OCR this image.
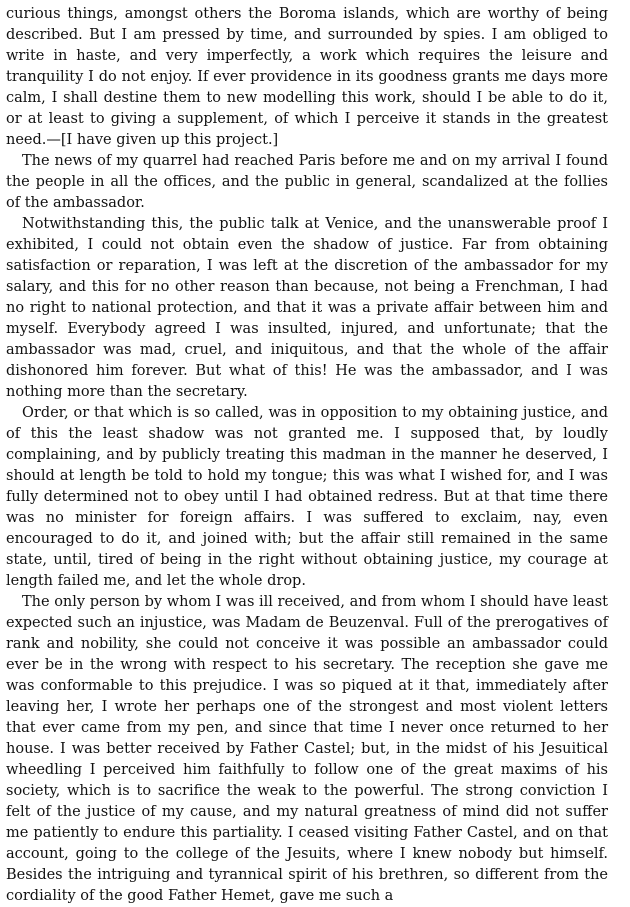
curious things, amongst others the Boroma islands, which are worthy of being described. But I am pressed by time, and surrounded by spies. I am obliged to write in haste, and very imperfectly, a work which requires the leisure and tranquility I do not enjoy. If ever providence in its goodness grants me days more calm, I shall destine them to new modelling this work, should I be able to do it, or at least to giving a supplement, of which I perceive it stands in the greatest need.—[I have given up this project.]

The news of my quarrel had reached Paris before me and on my arrival I found the people in all the offices, and the public in general, scandalized at the follies of the ambassador.

Notwithstanding this, the public talk at Venice, and the unanswerable proof I exhibited, I could not obtain even the shadow of justice. Far from obtaining satisfaction or reparation, I was left at the discretion of the ambassador for my salary, and this for no other reason than because, not being a Frenchman, I had no right to national protection, and that it was a private affair between him and myself. Everybody agreed I was insulted, injured, and unfortunate; that the ambassador was mad, cruel, and iniquitous, and that the whole of the affair dishonored him forever. But what of this! He was the ambassador, and I was nothing more than the secretary.

Order, or that which is so called, was in opposition to my obtaining justice, and of this the least shadow was not granted me. I supposed that, by loudly complaining, and by publicly treating this madman in the manner he deserved, I should at length be told to hold my tongue; this was what I wished for, and I was fully determined not to obey until I had obtained redress. But at that time there was no minister for foreign affairs. I was suffered to exclaim, nay, even encouraged to do it, and joined with; but the affair still remained in the same state, until, tired of being in the right without obtaining justice, my courage at length failed me, and let the whole drop.

The only person by whom I was ill received, and from whom I should have least expected such an injustice, was Madam de Beuzenval. Full of the prerogatives of rank and nobility, she could not conceive it was possible an ambassador could ever be in the wrong with respect to his secretary. The reception she gave me was conformable to this prejudice. I was so piqued at it that, immediately after leaving her, I wrote her perhaps one of the strongest and most violent letters that ever came from my pen, and since that time I never once returned to her house. I was better received by Father Castel; but, in the midst of his Jesuitical wheedling I perceived him faithfully to follow one of the great maxims of his society, which is to sacrifice the weak to the powerful. The strong conviction I felt of the justice of my cause, and my natural greatness of mind did not suffer me patiently to endure this partiality. I ceased visiting Father Castel, and on that account, going to the college of the Jesuits, where I knew nobody but himself. Besides the intriguing and tyrannical spirit of his brethren, so different from the cordiality of the good Father Hemet, gave me such a
